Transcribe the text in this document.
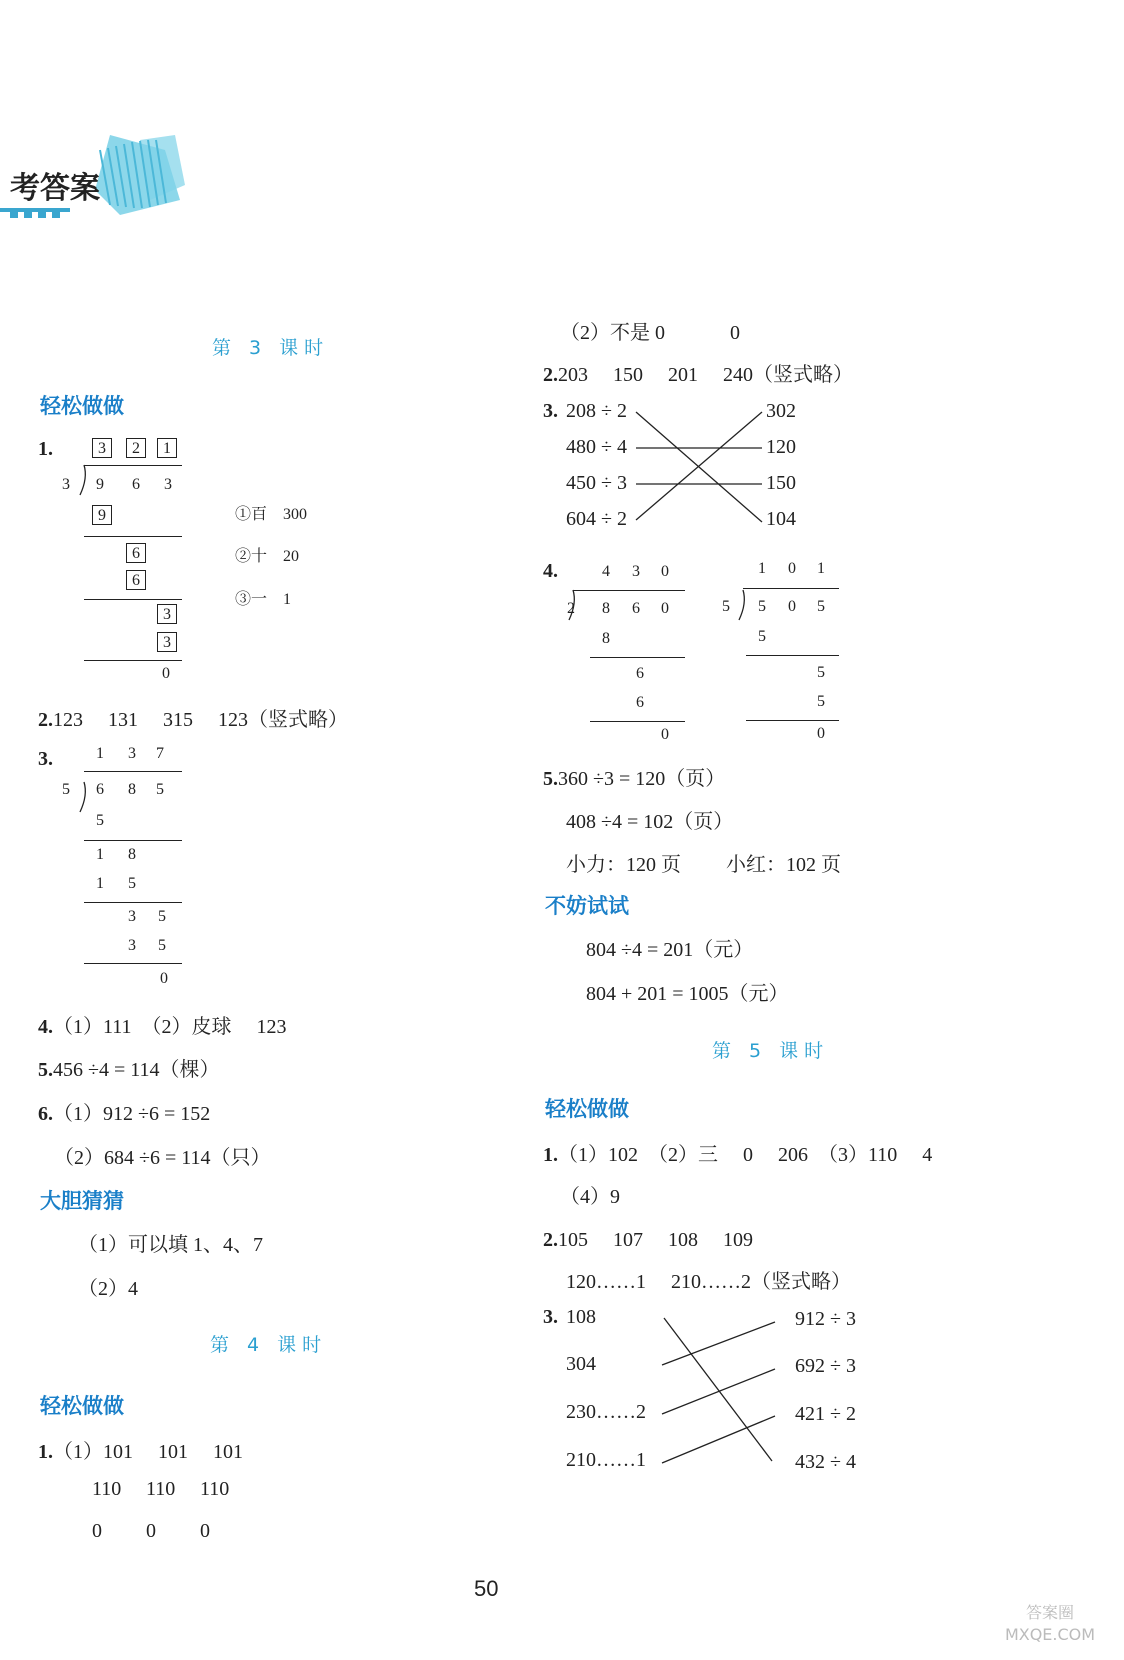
考答案
第 3 课时
轻松做做
1.	3	2	1
3 9 6 3
9
6
6
3
3
0
①百　300
②十　20
③一　1
2.123　 131　 315　 123（竖式略）
3.	1 3 7
5 6 8 5
5
1 8
1 5
3 5
3 5
0
4.（1）111　（2）皮球　 123
5.456 ÷4 = 114（棵）
6.（1）912 ÷6 = 152
（2）684 ÷6 = 114（只）
大胆猜猜
（1）可以填 1、4、7
（2）4
第 4 课时
轻松做做
1.（1）101　 101　 101
110 110 110
0 0 0
（2）不是 0　　　 0
2.203　 150　 201　 240（竖式略）
3. 208 ÷ 2
480 ÷ 4
450 ÷ 3
604 ÷ 2
302
120
150
104
4.	4 3 0
2 8 6 0
8
6
6
0
1 0 1
5 5 0 5
5
5
5
0
5.360 ÷3 = 120（页）
408 ÷4 = 102（页）
小力：120 页　　 小红：102 页
不妨试试
804 ÷4 = 201（元）
804 + 201 = 1005（元）
第 5 课时
轻松做做
1.（1）102　（2）三　 0　 206　（3）110　 4
（4）9
2.105　 107　 108　 109
120……1　 210……2（竖式略）
3. 108
304
230……2
210……1
912 ÷ 3
692 ÷ 3
421 ÷ 2
432 ÷ 4
50
答案圈 MXQE.COM
